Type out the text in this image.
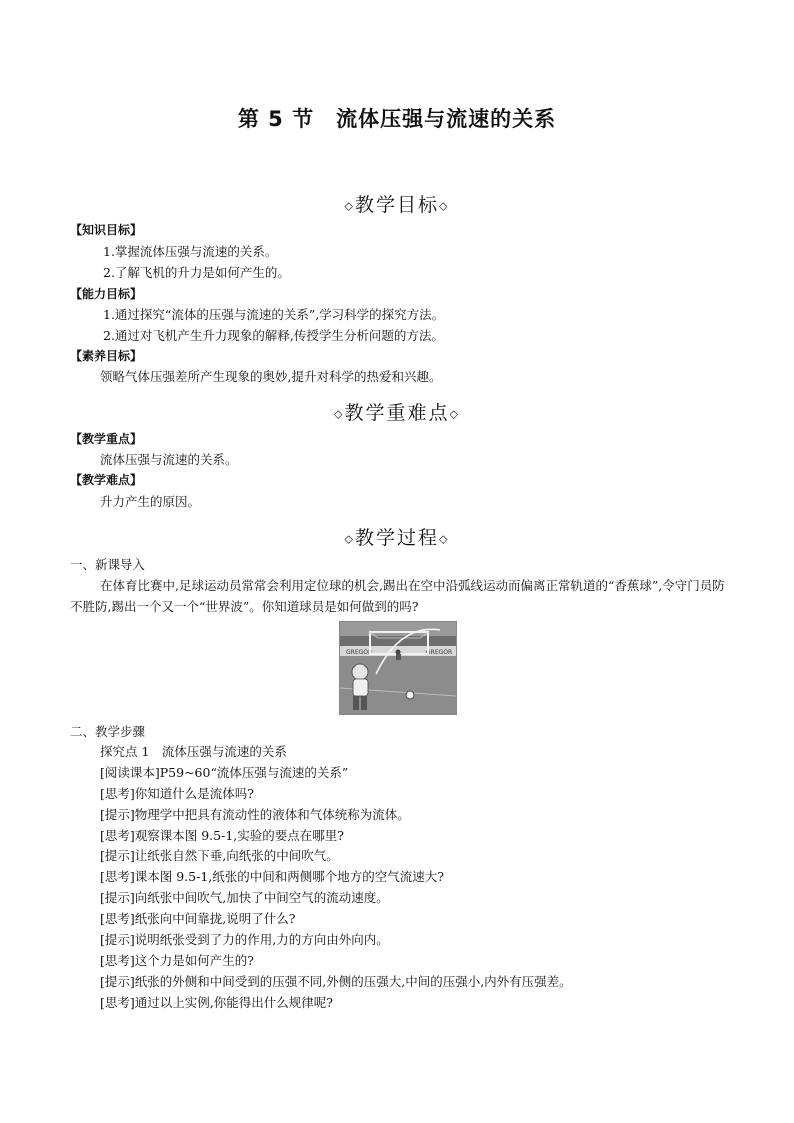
第 5 节　流体压强与流速的关系
◇教学目标◇
【知识目标】
1.掌握流体压强与流速的关系。
2.了解飞机的升力是如何产生的。
【能力目标】
1.通过探究“流体的压强与流速的关系”,学习科学的探究方法。
2.通过对飞机产生升力现象的解释,传授学生分析问题的方法。
【素养目标】
领略气体压强差所产生现象的奥妙,提升对科学的热爱和兴趣。
◇教学重难点◇
【教学重点】
流体压强与流速的关系。
【教学难点】
升力产生的原因。
◇教学过程◇
一、新课导入
在体育比赛中,足球运动员常常会利用定位球的机会,踢出在空中沿弧线运动而偏离正常轨道的“香蕉球”,令守门员防不胜防,踢出一个又一个“世界波”。你知道球员是如何做到的吗?
GREGOR	GREGOR
二、教学步骤
探究点 1　流体压强与流速的关系
[阅读课本]P59~60“流体压强与流速的关系”
[思考]你知道什么是流体吗?
[提示]物理学中把具有流动性的液体和气体统称为流体。
[思考]观察课本图 9.5-1,实验的要点在哪里?
[提示]让纸张自然下垂,向纸张的中间吹气。
[思考]课本图 9.5-1,纸张的中间和两侧哪个地方的空气流速大?
[提示]向纸张中间吹气,加快了中间空气的流动速度。
[思考]纸张向中间靠拢,说明了什么?
[提示]说明纸张受到了力的作用,力的方向由外向内。
[思考]这个力是如何产生的?
[提示]纸张的外侧和中间受到的压强不同,外侧的压强大,中间的压强小,内外有压强差。
[思考]通过以上实例,你能得出什么规律呢?
